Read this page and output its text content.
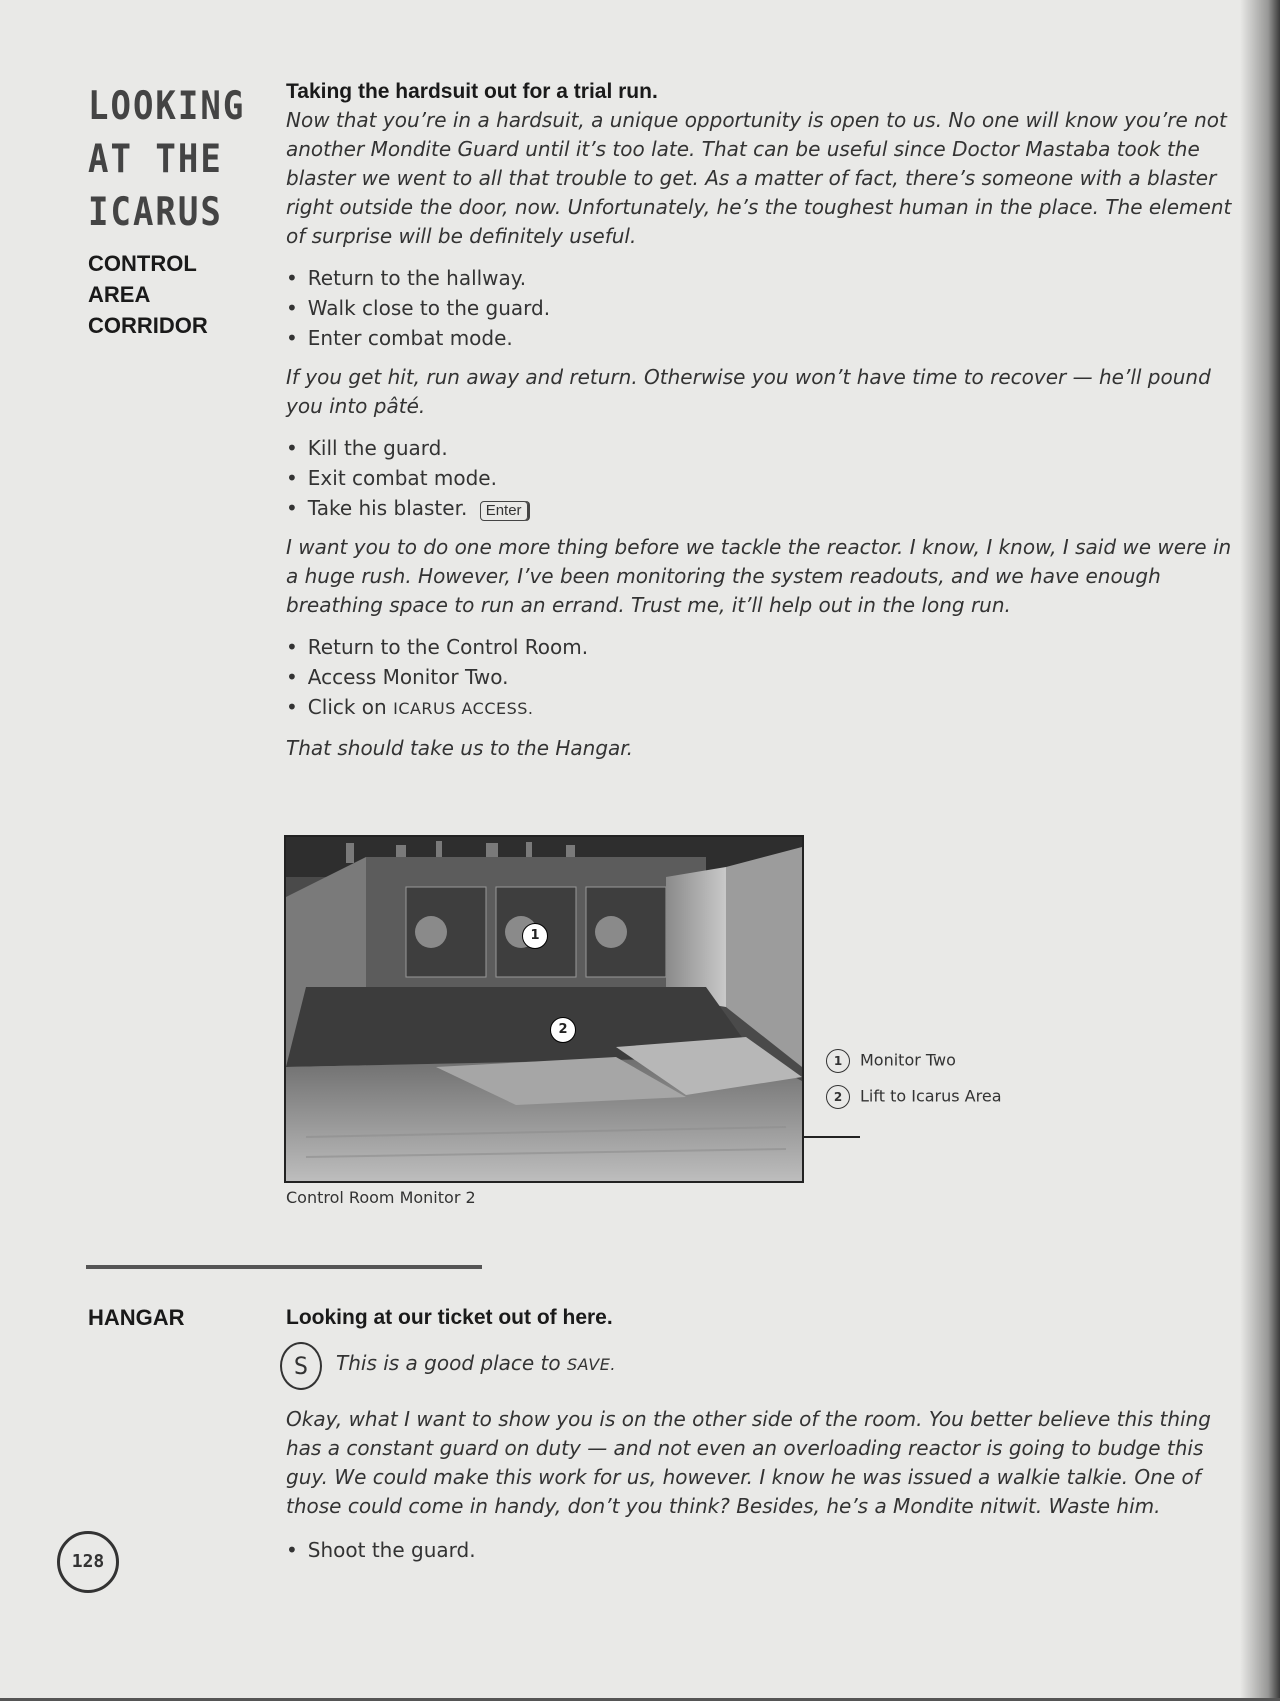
LOOKING
AT THE
ICARUS
CONTROL
AREA
CORRIDOR
HANGAR

Taking the hardsuit out for a trial run.

Now that you’re in a hardsuit, a unique opportunity is open to us. No one will know you’re not another Mondite Guard until it’s too late. That can be useful since Doctor Mastaba took the blaster we went to all that trouble to get. As a matter of fact, there’s someone with a blaster right outside the door, now. Unfortunately, he’s the toughest human in the place. The element of surprise will be definitely useful.

• Return to the hallway.
• Walk close to the guard.
• Enter combat mode.

If you get hit, run away and return. Otherwise you won’t have time to recover — he’ll pound you into pâté.

• Kill the guard.
• Exit combat mode.
• Take his blaster. Enter

I want you to do one more thing before we tackle the reactor. I know, I know, I said we were in a huge rush. However, I’ve been monitoring the system readouts, and we have enough breathing space to run an errand. Trust me, it’ll help out in the long run.

• Return to the Control Room.
• Access Monitor Two.
• Click on ICARUS ACCESS.

That should take us to the Hangar.

1
2
1 Monitor Two
2 Lift to Icarus Area
Control Room Monitor 2

Looking at our ticket out of here.

S	This is a good place to SAVE.

Okay, what I want to show you is on the other side of the room. You better believe this thing has a constant guard on duty — and not even an overloading reactor is going to budge this guy. We could make this work for us, however. I know he was issued a walkie talkie. One of those could come in handy, don’t you think? Besides, he’s a Mondite nitwit. Waste him.

• Shoot the guard.
128
